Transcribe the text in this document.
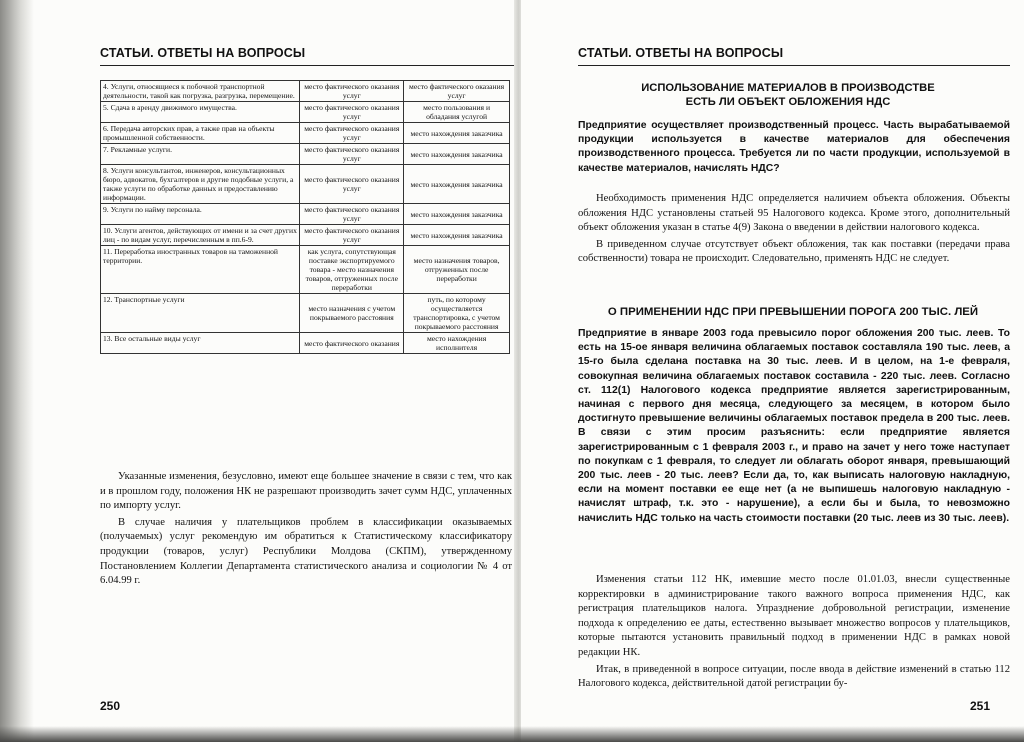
СТАТЬИ. ОТВЕТЫ НА ВОПРОСЫ
4. Услуги, относящиеся к побочной транспортной деятельности, такой как погрузка, разгрузка, перемещение.	место фактического оказания услуг	место фактического оказания услуг
5. Сдача в аренду движимого имущества.	место фактического оказания услуг	место пользования и обладания услугой
6. Передача авторских прав, а также прав на объекты промышленной собственности.	место фактического оказания услуг	место нахождения заказчика
7. Рекламные услуги.	место фактического оказания услуг	место нахождения заказчика
8. Услуги консультантов, инженеров, консультационных бюро, адвокатов, бухгалтеров и другие подобные услуги, а также услуги по обработке данных и предоставлению информации.	место фактического оказания услуг	место нахождения заказчика
9. Услуги по найму персонала.	место фактического оказания услуг	место нахождения заказчика
10. Услуги агентов, действующих от имени и за счет других лиц - по видам услуг, перечисленным в пп.6-9.	место фактического оказания услуг	место нахождения заказчика
11. Переработка иностранных товаров на таможенной территории.	как услуга, сопутствующая поставке экспортируемого товара - место назначения товаров, отгруженных после переработки	место назначения товаров, отгруженных после переработки
12. Транспортные услуги	место назначения с учетом покрываемого расстояния	путь, по которому осуществляется транспортировка, с учетом покрываемого расстояния
13. Все остальные виды услуг	место фактического оказания	место нахождения исполнителя

Указанные изменения, безусловно, имеют еще большее значение в связи с тем, что как и в прошлом году, положения НК не разрешают производить зачет сумм НДС, уплаченных по импорту услуг.

В случае наличия у плательщиков проблем в классификации оказываемых (получаемых) услуг рекомендую им обратиться к Статистическому классификатору продукции (товаров, услуг) Республики Молдова (СКПМ), утвержденному Постановлением Коллегии Департамента статистического анализа и социологии № 4 от 6.04.99 г.

250
СТАТЬИ. ОТВЕТЫ НА ВОПРОСЫ
ИСПОЛЬЗОВАНИЕ МАТЕРИАЛОВ В ПРОИЗВОДСТВЕ
ЕСТЬ ЛИ ОБЪЕКТ ОБЛОЖЕНИЯ НДС
Предприятие осуществляет производственный процесс. Часть вырабатываемой продукции используется в качестве материалов для обеспечения производственного процесса. Требуется ли по части продукции, используемой в качестве материалов, начислять НДС?

Необходимость применения НДС определяется наличием объекта обложения. Объекты обложения НДС установлены статьей 95 Налогового кодекса. Кроме этого, дополнительный объект обложения указан в статье 4(9) Закона о введении в действии налогового кодекса.

В приведенном случае отсутствует объект обложения, так как поставки (передачи права собственности) товара не происходит. Следовательно, применять НДС не следует.

О ПРИМЕНЕНИИ НДС ПРИ ПРЕВЫШЕНИИ ПОРОГА 200 ТЫС. ЛЕЙ
Предприятие в январе 2003 года превысило порог обложения 200 тыс. леев. То есть на 15-ое января величина облагаемых поставок составляла 190 тыс. леев, а 15-го была сделана поставка на 30 тыс. леев. И в целом, на 1-е февраля, совокупная величина облагаемых поставок составила - 220 тыс. леев. Согласно ст. 112(1) Налогового кодекса предприятие является зарегистрированным, начиная с первого дня месяца, следующего за месяцем, в котором было достигнуто превышение величины облагаемых поставок предела в 200 тыс. леев. В связи с этим просим разъяснить: если предприятие является зарегистрированным с 1 февраля 2003 г., и право на зачет у него тоже наступает по покупкам с 1 февраля, то следует ли облагать оборот января, превышающий 200 тыс. леев - 20 тыс. леев? Если да, то, как выписать налоговую накладную, если на момент поставки ее еще нет (а не выпишешь налоговую накладную - начислят штраф, т.к. это - нарушение), а если бы и была, то невозможно начислить НДС только на часть стоимости поставки (20 тыс. леев из 30 тыс. леев).

Изменения статьи 112 НК, имевшие место после 01.01.03, внесли существенные корректировки в администрирование такого важного вопроса применения НДС, как регистрация плательщиков налога. Упразднение добровольной регистрации, изменение подхода к определению ее даты, естественно вызывает множество вопросов у плательщиков, которые пытаются установить правильный подход в применении НДС в рамках новой редакции НК.

Итак, в приведенной в вопросе ситуации, после ввода в действие изменений в статью 112 Налогового кодекса, действительной датой регистрации бу-

251
